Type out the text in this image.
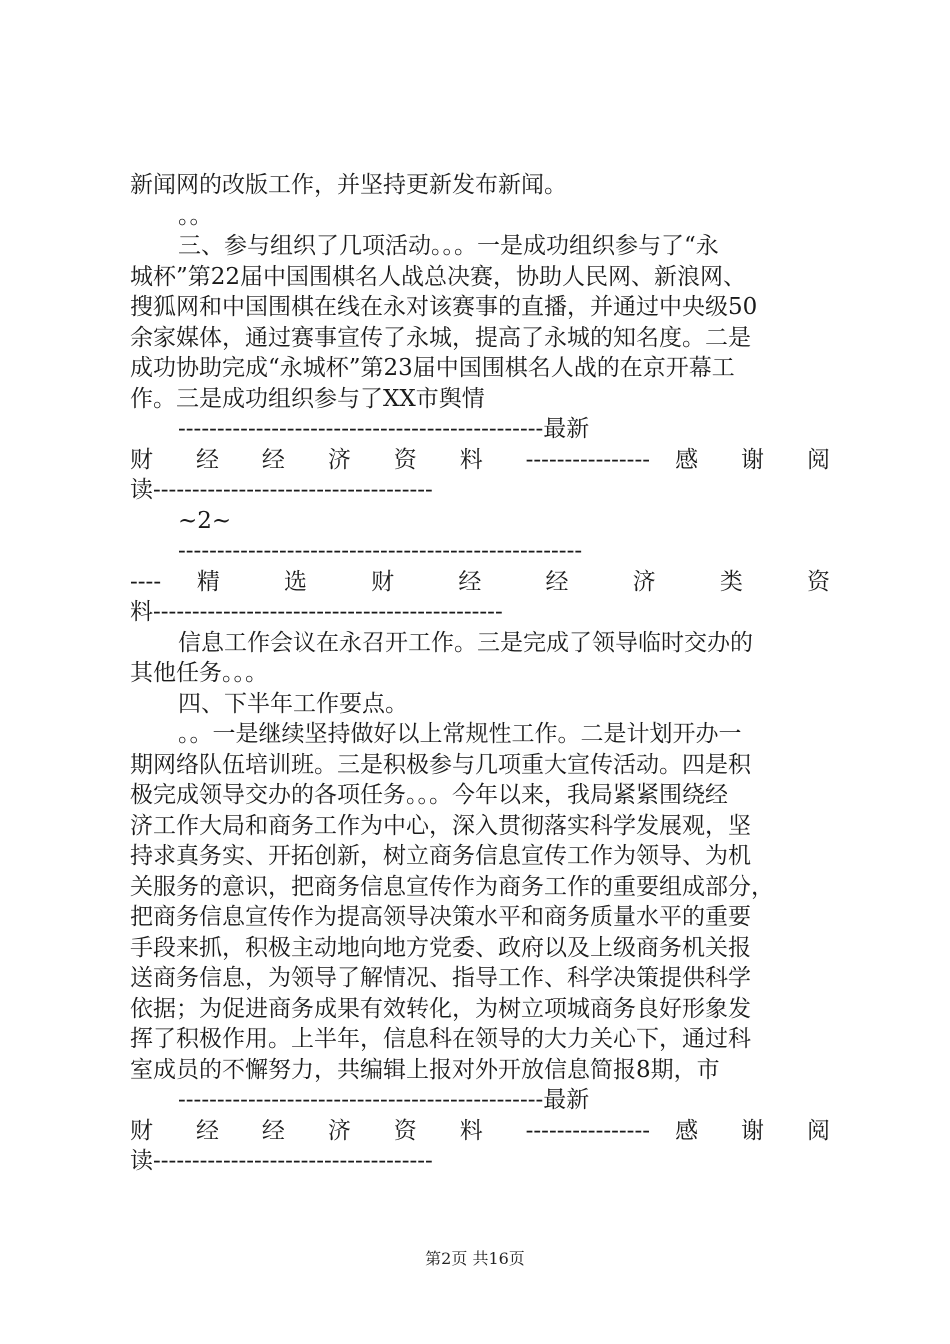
新闻网的改版工作，并坚持更新发布新闻。
。。
三、参与组织了几项活动。。。一是成功组织参与了“永
城杯”第22届中国围棋名人战总决赛，协助人民网、新浪网、
搜狐网和中国围棋在线在永对该赛事的直播，并通过中央级50
余家媒体，通过赛事宣传了永城，提高了永城的知名度。二是
成功协助完成“永城杯”第23届中国围棋名人战的在京开幕工
作。三是成功组织参与了XX市舆情
-----------------------------------------------最新
财 经 经 济 资 料 ---------------- 感 谢 阅
读------------------------------------
~2~
----------------------------------------------------
---- 精 选 财 经 经 济 类 资
料---------------------------------------------
信息工作会议在永召开工作。三是完成了领导临时交办的
其他任务。。。
四、下半年工作要点。
。。一是继续坚持做好以上常规性工作。二是计划开办一
期网络队伍培训班。三是积极参与几项重大宣传活动。四是积
极完成领导交办的各项任务。。。今年以来，我局紧紧围绕经
济工作大局和商务工作为中心，深入贯彻落实科学发展观，坚
持求真务实、开拓创新，树立商务信息宣传工作为领导、为机
关服务的意识，把商务信息宣传作为商务工作的重要组成部分，
把商务信息宣传作为提高领导决策水平和商务质量水平的重要
手段来抓，积极主动地向地方党委、政府以及上级商务机关报
送商务信息，为领导了解情况、指导工作、科学决策提供科学
依据；为促进商务成果有效转化，为树立项城商务良好形象发
挥了积极作用。上半年，信息科在领导的大力关心下，通过科
室成员的不懈努力，共编辑上报对外开放信息简报8期，市
-----------------------------------------------最新
财 经 经 济 资 料 ---------------- 感 谢 阅
读------------------------------------
第2页 共16页
